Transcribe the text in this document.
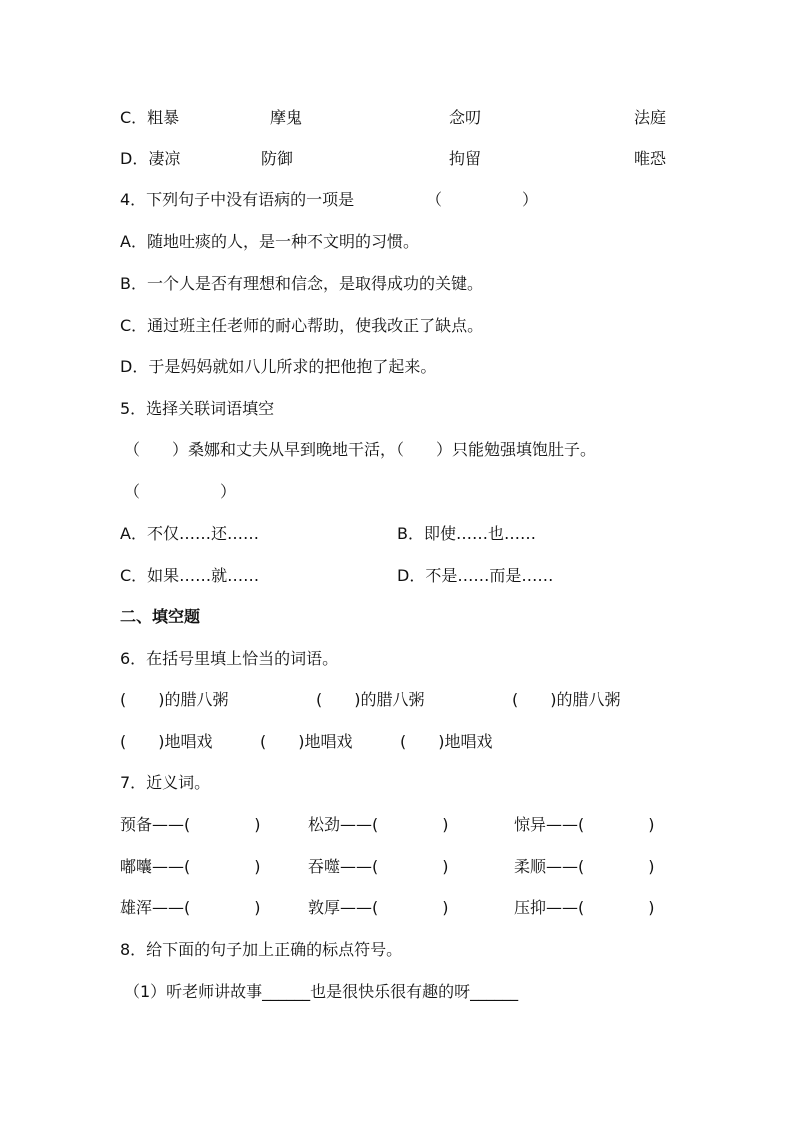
C．粗暴	摩鬼	念叨	法庭
D．凄凉	防御	拘留	唯恐
4．下列句子中没有语病的一项是	（　　　　　）
A．随地吐痰的人，是一种不文明的习惯。
B．一个人是否有理想和信念，是取得成功的关键。
C．通过班主任老师的耐心帮助，使我改正了缺点。
D．于是妈妈就如八儿所求的把他抱了起来。
5．选择关联词语填空
（　　）桑娜和丈夫从早到晚地干活，（　　）只能勉强填饱肚子。
（　　　　　）
A．不仅……还……	B．即使……也……
C．如果……就……	D．不是……而是……
二、填空题
6．在括号里填上恰当的词语。
(　　)的腊八粥	(　　)的腊八粥	(　　)的腊八粥
(　　)地唱戏	(　　)地唱戏	(　　)地唱戏
7．近义词。
预备——(　　　　)	松劲——(　　　　)	惊异——(　　　　)
嘟囔——(　　　　)	吞噬——(　　　　)	柔顺——(　　　　)
雄浑——(　　　　)	敦厚——(　　　　)	压抑——(　　　　)
8．给下面的句子加上正确的标点符号。
（1）听老师讲故事______也是很快乐很有趣的呀______
